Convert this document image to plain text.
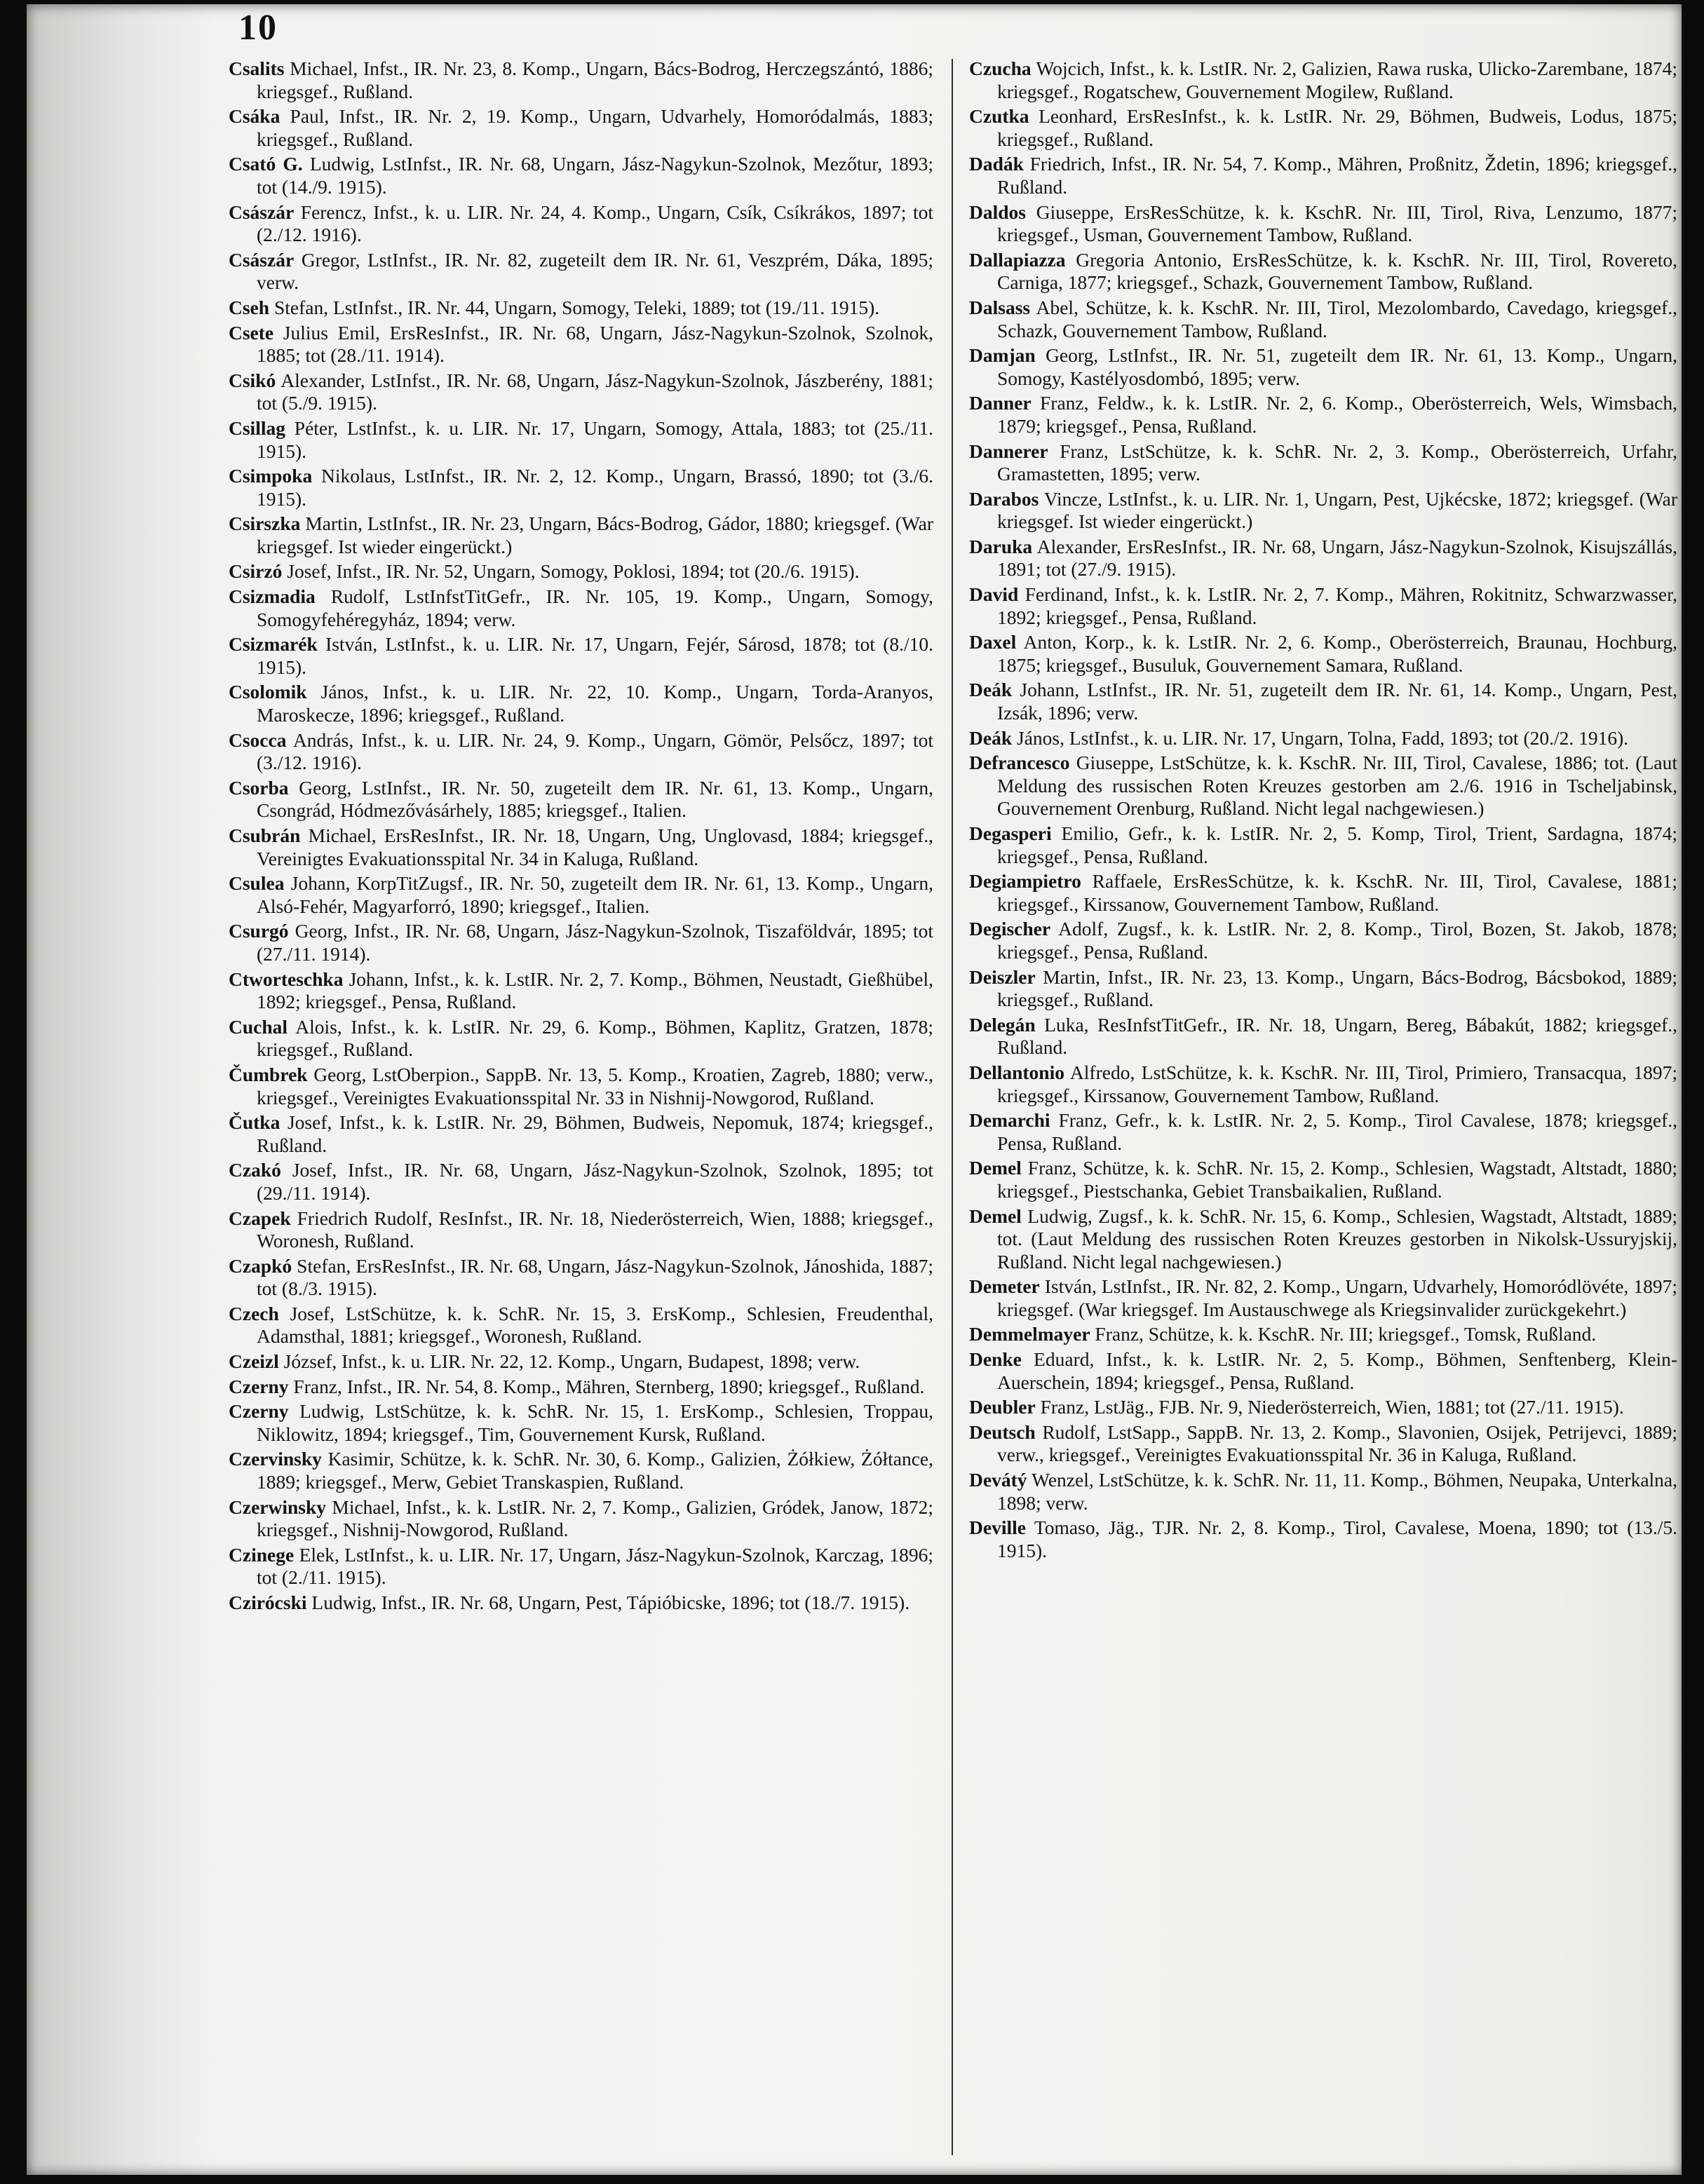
10

Csalits Michael, Infst., IR. Nr. 23, 8. Komp., Ungarn, Bács-Bodrog, Herczegszántó, 1886; kriegsgef., Rußland.

Csáka Paul, Infst., IR. Nr. 2, 19. Komp., Ungarn, Udvarhely, Homoródalmás, 1883; kriegsgef., Rußland.

Csató G. Ludwig, LstInfst., IR. Nr. 68, Ungarn, Jász-Nagykun-Szolnok, Mezőtur, 1893; tot (14./9. 1915).

Császár Ferencz, Infst., k. u. LIR. Nr. 24, 4. Komp., Ungarn, Csík, Csíkrákos, 1897; tot (2./12. 1916).

Császár Gregor, LstInfst., IR. Nr. 82, zugeteilt dem IR. Nr. 61, Veszprém, Dáka, 1895; verw.

Cseh Stefan, LstInfst., IR. Nr. 44, Ungarn, Somogy, Teleki, 1889; tot (19./11. 1915).

Csete Julius Emil, ErsResInfst., IR. Nr. 68, Ungarn, Jász-Nagykun-Szolnok, Szolnok, 1885; tot (28./11. 1914).

Csikó Alexander, LstInfst., IR. Nr. 68, Ungarn, Jász-Nagykun-Szolnok, Jászberény, 1881; tot (5./9. 1915).

Csillag Péter, LstInfst., k. u. LIR. Nr. 17, Ungarn, Somogy, Attala, 1883; tot (25./11. 1915).

Csimpoka Nikolaus, LstInfst., IR. Nr. 2, 12. Komp., Ungarn, Brassó, 1890; tot (3./6. 1915).

Csirszka Martin, LstInfst., IR. Nr. 23, Ungarn, Bács-Bodrog, Gádor, 1880; kriegsgef. (War kriegsgef. Ist wieder eingerückt.)

Csirzó Josef, Infst., IR. Nr. 52, Ungarn, Somogy, Poklosi, 1894; tot (20./6. 1915).

Csizmadia Rudolf, LstInfstTitGefr., IR. Nr. 105, 19. Komp., Ungarn, Somogy, Somogyfehéregyház, 1894; verw.

Csizmarék István, LstInfst., k. u. LIR. Nr. 17, Ungarn, Fejér, Sárosd, 1878; tot (8./10. 1915).

Csolomik János, Infst., k. u. LIR. Nr. 22, 10. Komp., Ungarn, Torda-Aranyos, Maroskecze, 1896; kriegsgef., Rußland.

Csocca András, Infst., k. u. LIR. Nr. 24, 9. Komp., Ungarn, Gömör, Pelsőcz, 1897; tot (3./12. 1916).

Csorba Georg, LstInfst., IR. Nr. 50, zugeteilt dem IR. Nr. 61, 13. Komp., Ungarn, Csongrád, Hódmezővásárhely, 1885; kriegsgef., Italien.

Csubrán Michael, ErsResInfst., IR. Nr. 18, Ungarn, Ung, Unglovasd, 1884; kriegsgef., Vereinigtes Evakuationsspital Nr. 34 in Kaluga, Rußland.

Csulea Johann, KorpTitZugsf., IR. Nr. 50, zugeteilt dem IR. Nr. 61, 13. Komp., Ungarn, Alsó-Fehér, Magyarforró, 1890; kriegsgef., Italien.

Csurgó Georg, Infst., IR. Nr. 68, Ungarn, Jász-Nagykun-Szolnok, Tiszaföldvár, 1895; tot (27./11. 1914).

Ctworteschka Johann, Infst., k. k. LstIR. Nr. 2, 7. Komp., Böhmen, Neustadt, Gießhübel, 1892; kriegsgef., Pensa, Rußland.

Cuchal Alois, Infst., k. k. LstIR. Nr. 29, 6. Komp., Böhmen, Kaplitz, Gratzen, 1878; kriegsgef., Rußland.

Čumbrek Georg, LstOberpion., SappB. Nr. 13, 5. Komp., Kroatien, Zagreb, 1880; verw., kriegsgef., Vereinigtes Evakuationsspital Nr. 33 in Nishnij-Nowgorod, Rußland.

Čutka Josef, Infst., k. k. LstIR. Nr. 29, Böhmen, Budweis, Nepomuk, 1874; kriegsgef., Rußland.

Czakó Josef, Infst., IR. Nr. 68, Ungarn, Jász-Nagykun-Szolnok, Szolnok, 1895; tot (29./11. 1914).

Czapek Friedrich Rudolf, ResInfst., IR. Nr. 18, Niederösterreich, Wien, 1888; kriegsgef., Woronesh, Rußland.

Czapkó Stefan, ErsResInfst., IR. Nr. 68, Ungarn, Jász-Nagykun-Szolnok, Jánoshida, 1887; tot (8./3. 1915).

Czech Josef, LstSchütze, k. k. SchR. Nr. 15, 3. ErsKomp., Schlesien, Freudenthal, Adamsthal, 1881; kriegsgef., Woronesh, Rußland.

Czeizl József, Infst., k. u. LIR. Nr. 22, 12. Komp., Ungarn, Budapest, 1898; verw.

Czerny Franz, Infst., IR. Nr. 54, 8. Komp., Mähren, Sternberg, 1890; kriegsgef., Rußland.

Czerny Ludwig, LstSchütze, k. k. SchR. Nr. 15, 1. ErsKomp., Schlesien, Troppau, Niklowitz, 1894; kriegsgef., Tim, Gouvernement Kursk, Rußland.

Czervinsky Kasimir, Schütze, k. k. SchR. Nr. 30, 6. Komp., Galizien, Żółkiew, Żółtance, 1889; kriegsgef., Merw, Gebiet Transkaspien, Rußland.

Czerwinsky Michael, Infst., k. k. LstIR. Nr. 2, 7. Komp., Galizien, Gródek, Janow, 1872; kriegsgef., Nishnij-Nowgorod, Rußland.

Czinege Elek, LstInfst., k. u. LIR. Nr. 17, Ungarn, Jász-Nagykun-Szolnok, Karczag, 1896; tot (2./11. 1915).

Czirócski Ludwig, Infst., IR. Nr. 68, Ungarn, Pest, Tápióbicske, 1896; tot (18./7. 1915).

Czucha Wojcich, Infst., k. k. LstIR. Nr. 2, Galizien, Rawa ruska, Ulicko-Zarembane, 1874; kriegsgef., Rogatschew, Gouvernement Mogilew, Rußland.

Czutka Leonhard, ErsResInfst., k. k. LstIR. Nr. 29, Böhmen, Budweis, Lodus, 1875; kriegsgef., Rußland.

Dadák Friedrich, Infst., IR. Nr. 54, 7. Komp., Mähren, Proßnitz, Ždetin, 1896; kriegsgef., Rußland.

Daldos Giuseppe, ErsResSchütze, k. k. KschR. Nr. III, Tirol, Riva, Lenzumo, 1877; kriegsgef., Usman, Gouvernement Tambow, Rußland.

Dallapiazza Gregoria Antonio, ErsResSchütze, k. k. KschR. Nr. III, Tirol, Rovereto, Carniga, 1877; kriegsgef., Schazk, Gouvernement Tambow, Rußland.

Dalsass Abel, Schütze, k. k. KschR. Nr. III, Tirol, Mezolombardo, Cavedago, kriegsgef., Schazk, Gouvernement Tambow, Rußland.

Damjan Georg, LstInfst., IR. Nr. 51, zugeteilt dem IR. Nr. 61, 13. Komp., Ungarn, Somogy, Kastélyosdombó, 1895; verw.

Danner Franz, Feldw., k. k. LstIR. Nr. 2, 6. Komp., Oberösterreich, Wels, Wimsbach, 1879; kriegsgef., Pensa, Rußland.

Dannerer Franz, LstSchütze, k. k. SchR. Nr. 2, 3. Komp., Oberösterreich, Urfahr, Gramastetten, 1895; verw.

Darabos Vincze, LstInfst., k. u. LIR. Nr. 1, Ungarn, Pest, Ujkécske, 1872; kriegsgef. (War kriegsgef. Ist wieder eingerückt.)

Daruka Alexander, ErsResInfst., IR. Nr. 68, Ungarn, Jász-Nagykun-Szolnok, Kisujszállás, 1891; tot (27./9. 1915).

David Ferdinand, Infst., k. k. LstIR. Nr. 2, 7. Komp., Mähren, Rokitnitz, Schwarzwasser, 1892; kriegsgef., Pensa, Rußland.

Daxel Anton, Korp., k. k. LstIR. Nr. 2, 6. Komp., Oberösterreich, Braunau, Hochburg, 1875; kriegsgef., Busuluk, Gouvernement Samara, Rußland.

Deák Johann, LstInfst., IR. Nr. 51, zugeteilt dem IR. Nr. 61, 14. Komp., Ungarn, Pest, Izsák, 1896; verw.

Deák János, LstInfst., k. u. LIR. Nr. 17, Ungarn, Tolna, Fadd, 1893; tot (20./2. 1916).

Defrancesco Giuseppe, LstSchütze, k. k. KschR. Nr. III, Tirol, Cavalese, 1886; tot. (Laut Meldung des russischen Roten Kreuzes gestorben am 2./6. 1916 in Tscheljabinsk, Gouvernement Orenburg, Rußland. Nicht legal nachgewiesen.)

Degasperi Emilio, Gefr., k. k. LstIR. Nr. 2, 5. Komp, Tirol, Trient, Sardagna, 1874; kriegsgef., Pensa, Rußland.

Degiampietro Raffaele, ErsResSchütze, k. k. KschR. Nr. III, Tirol, Cavalese, 1881; kriegsgef., Kirssanow, Gouvernement Tambow, Rußland.

Degischer Adolf, Zugsf., k. k. LstIR. Nr. 2, 8. Komp., Tirol, Bozen, St. Jakob, 1878; kriegsgef., Pensa, Rußland.

Deiszler Martin, Infst., IR. Nr. 23, 13. Komp., Ungarn, Bács-Bodrog, Bácsbokod, 1889; kriegsgef., Rußland.

Delegán Luka, ResInfstTitGefr., IR. Nr. 18, Ungarn, Bereg, Bábakút, 1882; kriegsgef., Rußland.

Dellantonio Alfredo, LstSchütze, k. k. KschR. Nr. III, Tirol, Primiero, Transacqua, 1897; kriegsgef., Kirssanow, Gouvernement Tambow, Rußland.

Demarchi Franz, Gefr., k. k. LstIR. Nr. 2, 5. Komp., Tirol Cavalese, 1878; kriegsgef., Pensa, Rußland.

Demel Franz, Schütze, k. k. SchR. Nr. 15, 2. Komp., Schlesien, Wagstadt, Altstadt, 1880; kriegsgef., Piestschanka, Gebiet Transbaikalien, Rußland.

Demel Ludwig, Zugsf., k. k. SchR. Nr. 15, 6. Komp., Schlesien, Wagstadt, Altstadt, 1889; tot. (Laut Meldung des russischen Roten Kreuzes gestorben in Nikolsk-Ussuryjskij, Rußland. Nicht legal nachgewiesen.)

Demeter István, LstInfst., IR. Nr. 82, 2. Komp., Ungarn, Udvarhely, Homoródlövéte, 1897; kriegsgef. (War kriegsgef. Im Austauschwege als Kriegsinvalider zurückgekehrt.)

Demmelmayer Franz, Schütze, k. k. KschR. Nr. III; kriegsgef., Tomsk, Rußland.

Denke Eduard, Infst., k. k. LstIR. Nr. 2, 5. Komp., Böhmen, Senftenberg, Klein-Auerschein, 1894; kriegsgef., Pensa, Rußland.

Deubler Franz, LstJäg., FJB. Nr. 9, Niederösterreich, Wien, 1881; tot (27./11. 1915).

Deutsch Rudolf, LstSapp., SappB. Nr. 13, 2. Komp., Slavonien, Osijek, Petrijevci, 1889; verw., kriegsgef., Vereinigtes Evakuationsspital Nr. 36 in Kaluga, Rußland.

Devátý Wenzel, LstSchütze, k. k. SchR. Nr. 11, 11. Komp., Böhmen, Neupaka, Unterkalna, 1898; verw.

Deville Tomaso, Jäg., TJR. Nr. 2, 8. Komp., Tirol, Cavalese, Moena, 1890; tot (13./5. 1915).
